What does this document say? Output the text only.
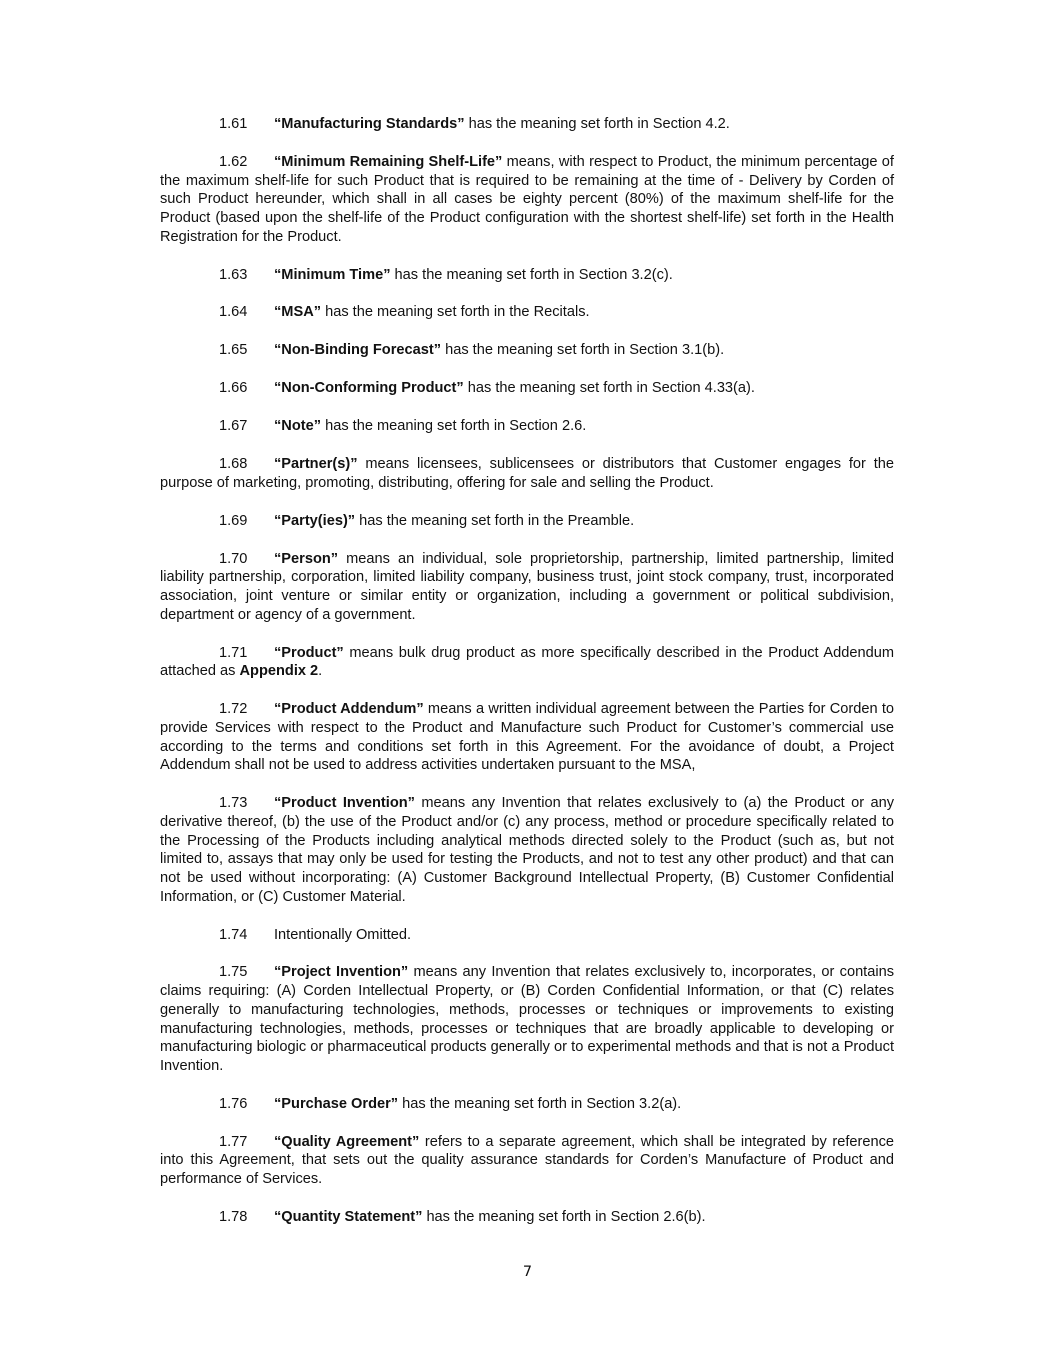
1.61 “Manufacturing Standards” has the meaning set forth in Section 4.2.

1.62 “Minimum Remaining Shelf-Life” means, with respect to Product, the minimum percentage of the maximum shelf-life for such Product that is required to be remaining at the time of - Delivery by Corden of such Product hereunder, which shall in all cases be eighty percent (80%) of the maximum shelf-life for the Product (based upon the shelf-life of the Product configuration with the shortest shelf-life) set forth in the Health Registration for the Product.

1.63 “Minimum Time” has the meaning set forth in Section 3.2(c).

1.64 “MSA” has the meaning set forth in the Recitals.

1.65 “Non-Binding Forecast” has the meaning set forth in Section 3.1(b).

1.66 “Non-Conforming Product” has the meaning set forth in Section 4.33(a).

1.67 “Note” has the meaning set forth in Section 2.6.

1.68 “Partner(s)” means licensees, sublicensees or distributors that Customer engages for the purpose of marketing, promoting, distributing, offering for sale and selling the Product.

1.69 “Party(ies)” has the meaning set forth in the Preamble.

1.70 “Person” means an individual, sole proprietorship, partnership, limited partnership, limited liability partnership, corporation, limited liability company, business trust, joint stock company, trust, incorporated association, joint venture or similar entity or organization, including a government or political subdivision, department or agency of a government.

1.71 “Product” means bulk drug product as more specifically described in the Product Addendum attached as Appendix 2.

1.72 “Product Addendum” means a written individual agreement between the Parties for Corden to provide Services with respect to the Product and Manufacture such Product for Customer’s commercial use according to the terms and conditions set forth in this Agreement. For the avoidance of doubt, a Project Addendum shall not be used to address activities undertaken pursuant to the MSA,

1.73 “Product Invention” means any Invention that relates exclusively to (a) the Product or any derivative thereof, (b) the use of the Product and/or (c) any process, method or procedure specifically related to the Processing of the Products including analytical methods directed solely to the Product (such as, but not limited to, assays that may only be used for testing the Products, and not to test any other product) and that can not be used without incorporating: (A) Customer Background Intellectual Property, (B) Customer Confidential Information, or (C) Customer Material.

1.74 Intentionally Omitted.

1.75 “Project Invention” means any Invention that relates exclusively to, incorporates, or contains claims requiring: (A) Corden Intellectual Property, or (B) Corden Confidential Information, or that (C) relates generally to manufacturing technologies, methods, processes or techniques or improvements to existing manufacturing technologies, methods, processes or techniques that are broadly applicable to developing or manufacturing biologic or pharmaceutical products generally or to experimental methods and that is not a Product Invention.

1.76 “Purchase Order” has the meaning set forth in Section 3.2(a).

1.77 “Quality Agreement” refers to a separate agreement, which shall be integrated by reference into this Agreement, that sets out the quality assurance standards for Corden’s Manufacture of Product and performance of Services.

1.78 “Quantity Statement” has the meaning set forth in Section 2.6(b).

7
